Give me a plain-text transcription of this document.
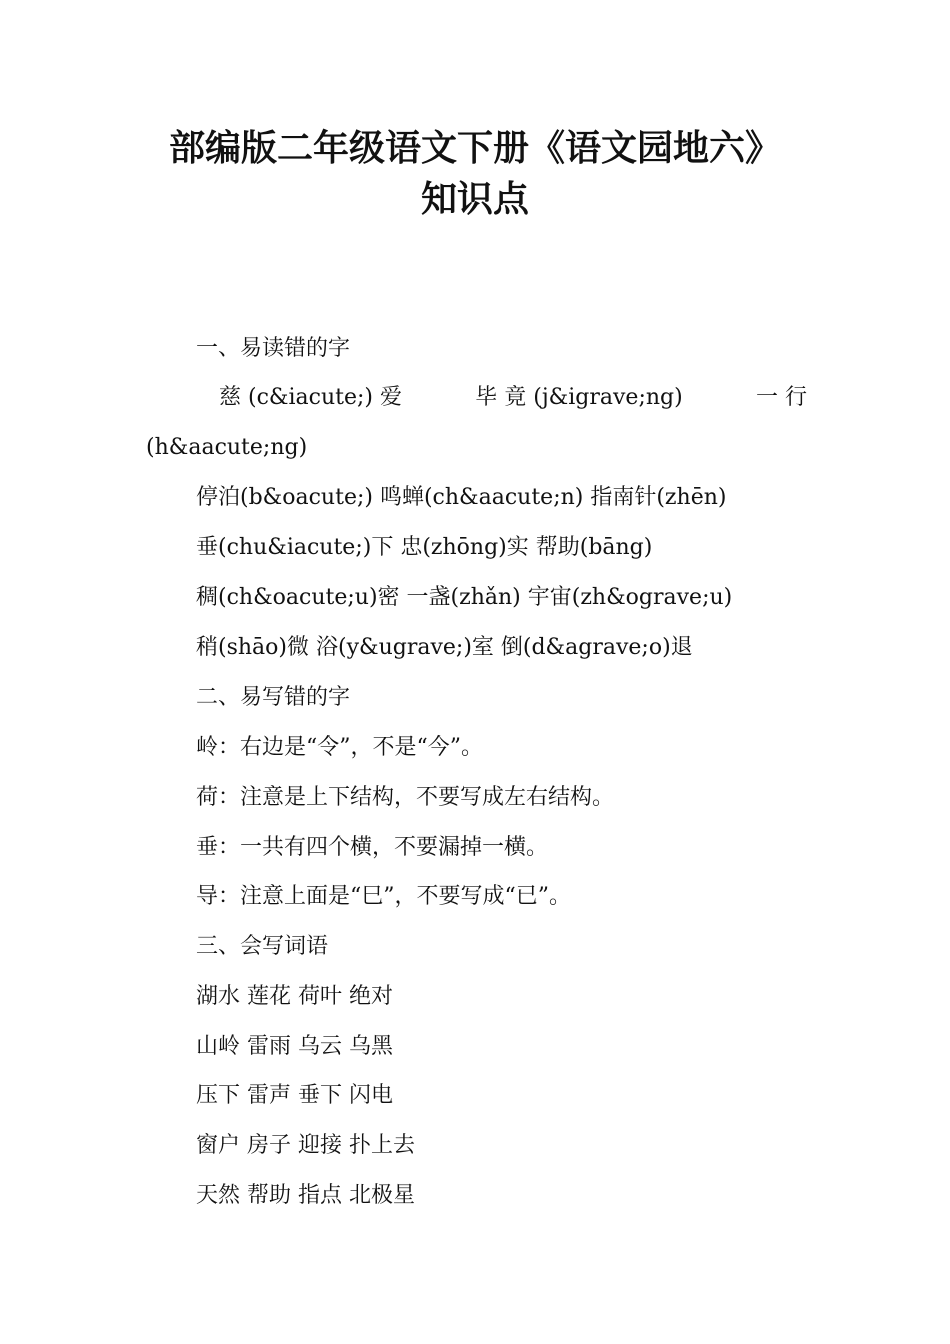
部编版二年级语文下册《语文园地六》
知识点
一、易读错的字
慈 (c&iacute;) 爱	毕 竟 (j&igrave;ng)	一 行
(h&aacute;ng)
停泊(b&oacute;) 鸣蝉(ch&aacute;n) 指南针(zhēn)
垂(chu&iacute;)下 忠(zhōng)实 帮助(bāng)
稠(ch&oacute;u)密 一盏(zhǎn) 宇宙(zh&ograve;u)
稍(shāo)微 浴(y&ugrave;)室 倒(d&agrave;o)退
二、易写错的字
岭：右边是“令”，不是“今”。
荷：注意是上下结构，不要写成左右结构。
垂：一共有四个横，不要漏掉一横。
导：注意上面是“巳”，不要写成“已”。
三、会写词语
湖水 莲花 荷叶 绝对
山岭 雷雨 乌云 乌黑
压下 雷声 垂下 闪电
窗户 房子 迎接 扑上去
天然 帮助 指点 北极星
